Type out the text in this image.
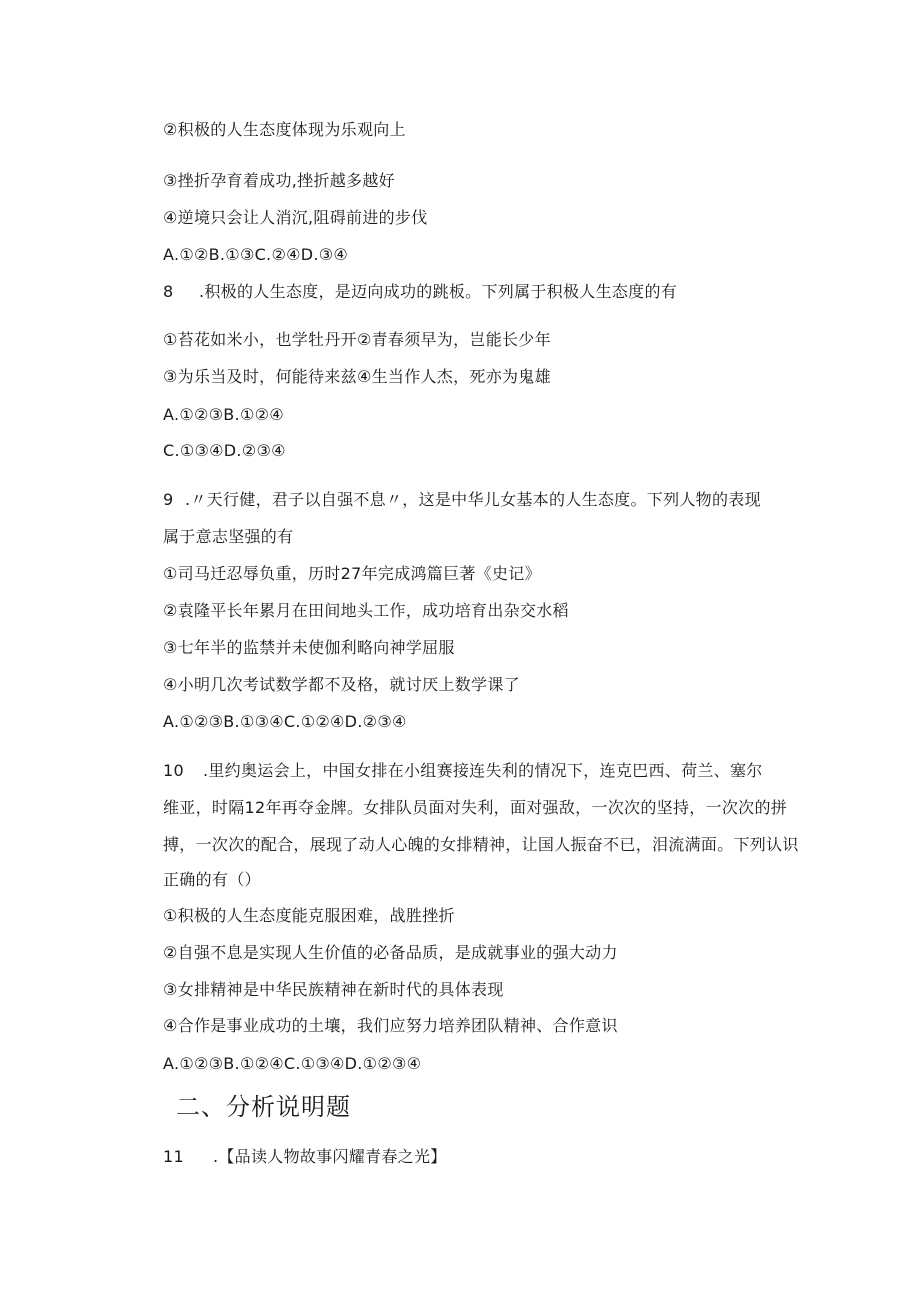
②积极的人生态度体现为乐观向上
③挫折孕育着成功,挫折越多越好
④逆境只会让人消沉,阻碍前进的步伐
A.①②B.①③C.②④D.③④
8 .积极的人生态度，是迈向成功的跳板。下列属于积极人生态度的有
①苔花如米小，也学牡丹开②青春须早为，岂能长少年
③为乐当及时，何能待来兹④生当作人杰，死亦为鬼雄
A.①②③B.①②④
C.①③④D.②③④
9 .〃天行健，君子以自强不息〃，这是中华儿女基本的人生态度。下列人物的表现
属于意志坚强的有
①司马迁忍辱负重，历时27年完成鸿篇巨著《史记》
②袁隆平长年累月在田间地头工作，成功培育出杂交水稻
③七年半的监禁并未使伽利略向神学屈服
④小明几次考试数学都不及格，就讨厌上数学课了
A.①②③B.①③④C.①②④D.②③④
10 .里约奥运会上，中国女排在小组赛接连失利的情况下，连克巴西、荷兰、塞尔
维亚，时隔12年再夺金牌。女排队员面对失利，面对强敌，一次次的坚持，一次次的拼
搏，一次次的配合，展现了动人心魄的女排精神，让国人振奋不已，泪流满面。下列认识
正确的有（）
①积极的人生态度能克服困难，战胜挫折
②自强不息是实现人生价值的必备品质，是成就事业的强大动力
③女排精神是中华民族精神在新时代的具体表现
④合作是事业成功的土壤，我们应努力培养团队精神、合作意识
A.①②③B.①②④C.①③④D.①②③④
二、分析说明题
11 .【品读人物故事闪耀青春之光】
